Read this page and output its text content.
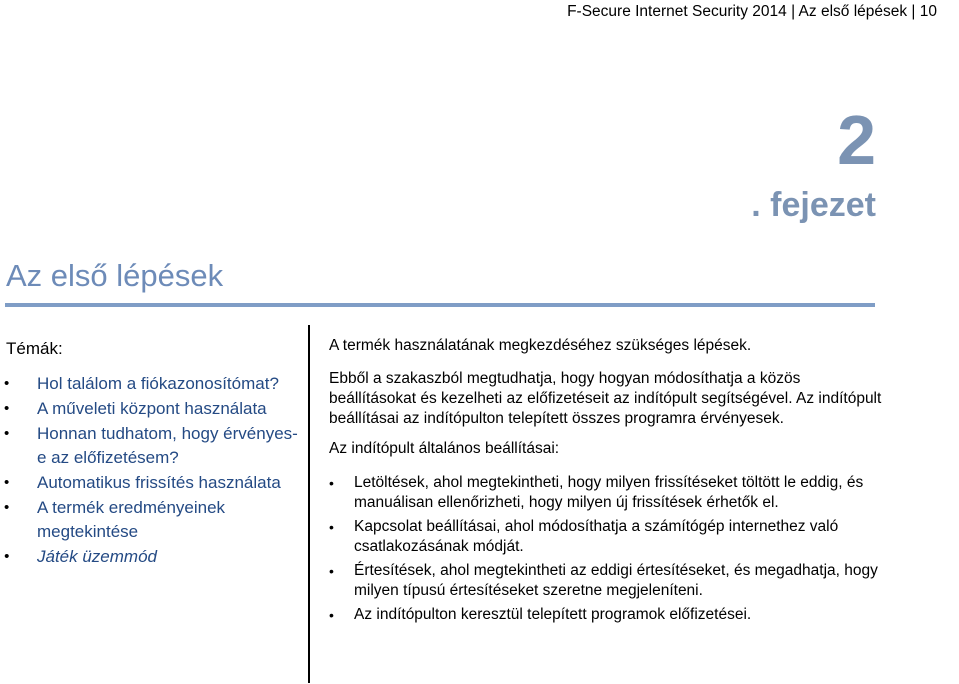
F-Secure Internet Security 2014 | Az első lépések | 10
2
. fejezet
Az első lépések
Témák:
• Hol találom a fiókazonosítómat?
• A műveleti központ használata
• Honnan tudhatom, hogy érvényes-e az előfizetésem?
• Automatikus frissítés használata
• A termék eredményeinek megtekintése
• Játék üzemmód

A termék használatának megkezdéséhez szükséges lépések.

Ebből a szakaszból megtudhatja, hogy hogyan módosíthatja a közös beállításokat és kezelheti az előfizetéseit az indítópult segítségével. Az indítópult beállításai az indítópulton telepített összes programra érvényesek.

Az indítópult általános beállításai:

• Letöltések, ahol megtekintheti, hogy milyen frissítéseket töltött le eddig, és manuálisan ellenőrizheti, hogy milyen új frissítések érhetők el.
• Kapcsolat beállításai, ahol módosíthatja a számítógép internethez való csatlakozásának módját.
• Értesítések, ahol megtekintheti az eddigi értesítéseket, és megadhatja, hogy milyen típusú értesítéseket szeretne megjeleníteni.
• Az indítópulton keresztül telepített programok előfizetései.
